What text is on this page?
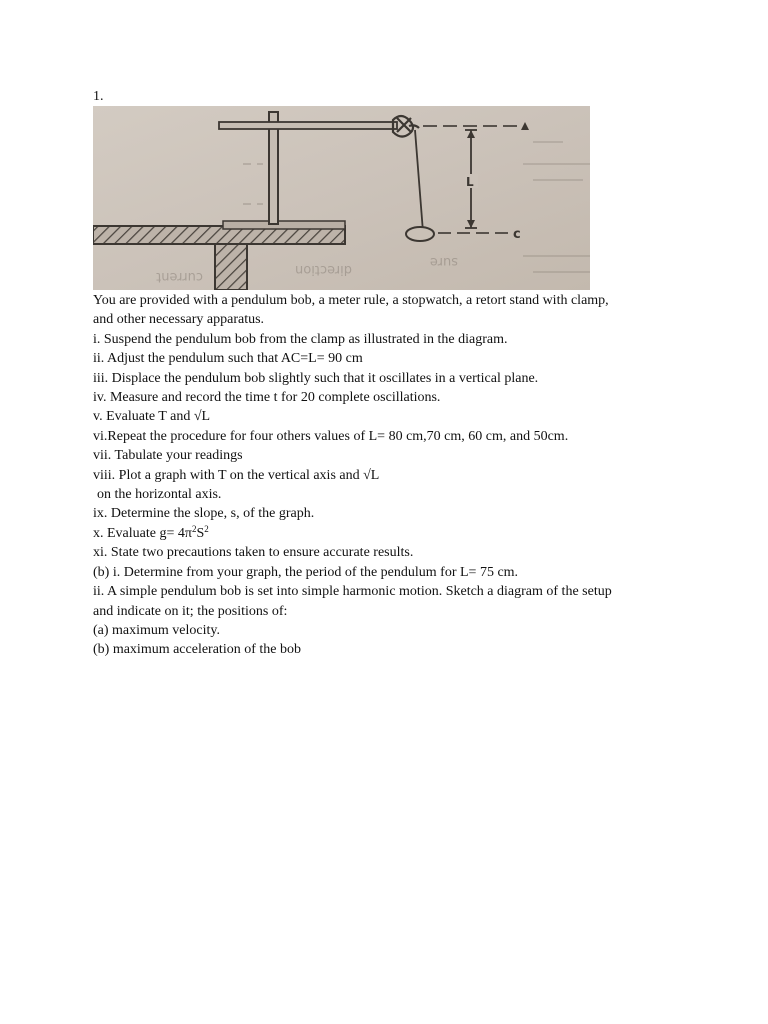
1.
direction
current
sure
L
c
You are provided with a pendulum bob, a meter rule, a stopwatch, a retort stand with clamp,
and other necessary apparatus.
i. Suspend the pendulum bob from the clamp as illustrated in the diagram.
ii. Adjust the pendulum such that AC=L= 90 cm
iii. Displace the pendulum bob slightly such that it oscillates in a vertical plane.
iv. Measure and record the time t for 20 complete oscillations.
v. Evaluate T and √L
vi.Repeat the procedure for four others values of L= 80 cm,70 cm, 60 cm, and 50cm.
vii. Tabulate your readings
viii. Plot a graph with T on the vertical axis and √L
on the horizontal axis.
ix. Determine the slope, s, of the graph.
x. Evaluate $g= 4\pi^2S^2$
xi. State two precautions taken to ensure accurate results.
(b) i. Determine from your graph, the period of the pendulum for L= 75 cm.
ii. A simple pendulum bob is set into simple harmonic motion. Sketch a diagram of the setup
and indicate on it; the positions of:
(a) maximum velocity.
(b) maximum acceleration of the bob
